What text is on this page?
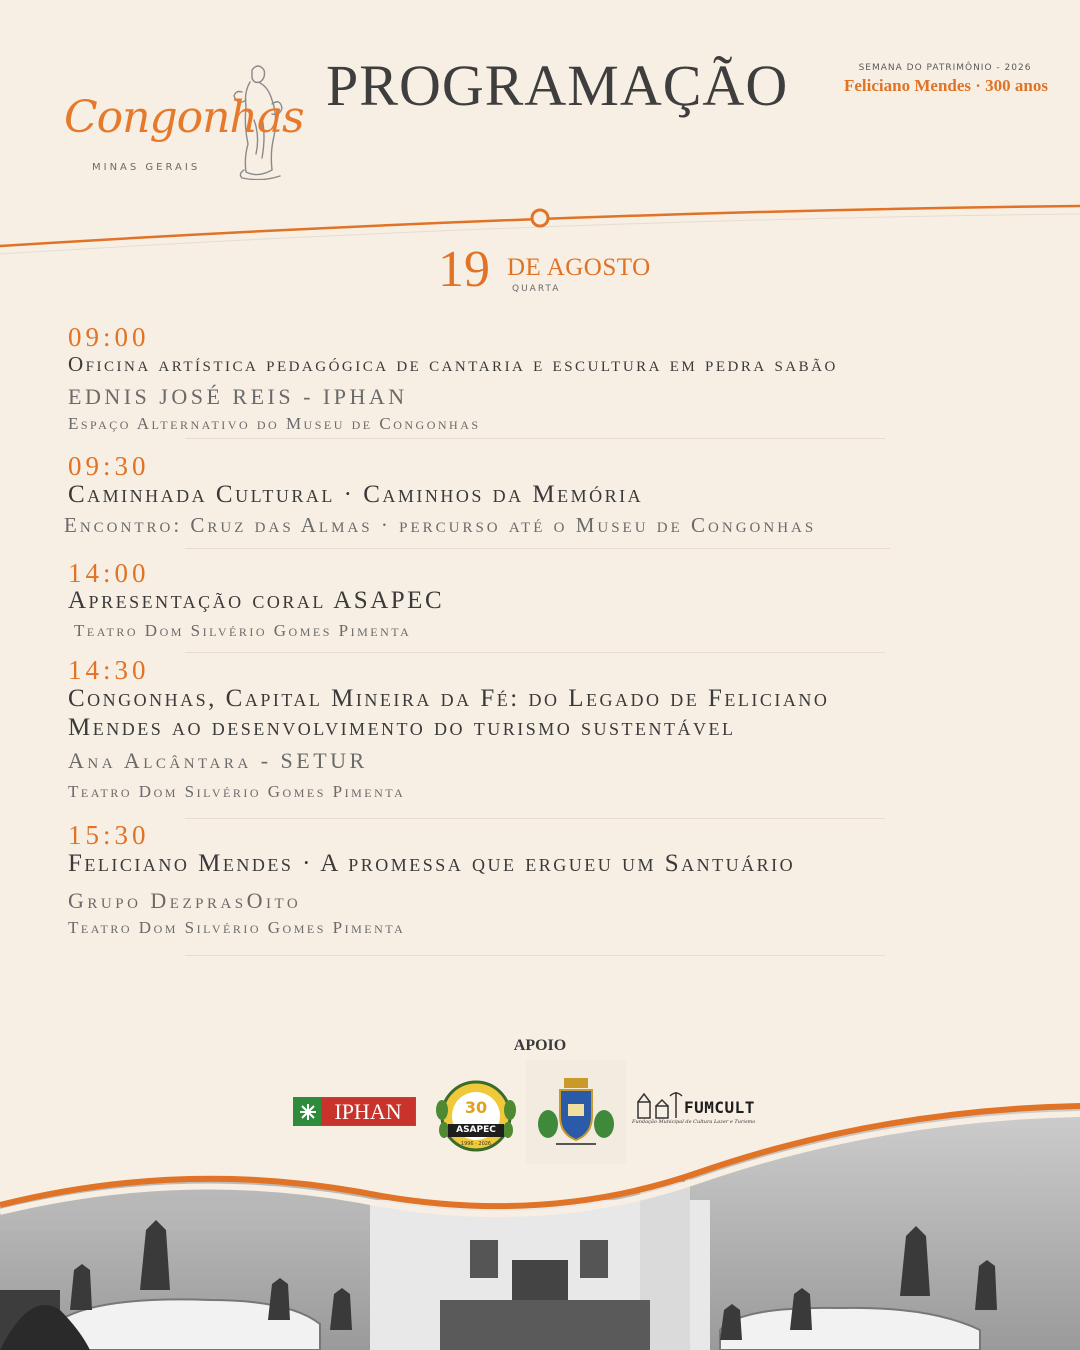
Congonhas
MINAS GERAIS
PROGRAMAÇÃO	SEMANA DO PATRIMÔNIO - 2026
Feliciano Mendes · 300 anos
19 DE AGOSTO
QUARTA
09:00
Oficina artística pedagógica de cantaria e escultura em pedra sabão
EDNIS JOSÉ REIS - IPHAN
Espaço Alternativo do Museu de Congonhas
09:30
Caminhada Cultural · Caminhos da Memória
Encontro: Cruz das Almas · percurso até o Museu de Congonhas
14:00
Apresentação coral ASAPEC
Teatro Dom Silvério Gomes Pimenta
14:30
Congonhas, Capital Mineira da Fé: do Legado de Feliciano
Mendes ao desenvolvimento do turismo sustentável
Ana Alcântara - SETUR
Teatro Dom Silvério Gomes Pimenta
15:30
Feliciano Mendes · A promessa que ergueu um Santuário
Grupo DezprasOito
Teatro Dom Silvério Gomes Pimenta
APOIO
IPHAN	30
ASAPEC
1996 · 2026
FUMCULT
Fundação Municipal de Cultura Lazer e Turismo
